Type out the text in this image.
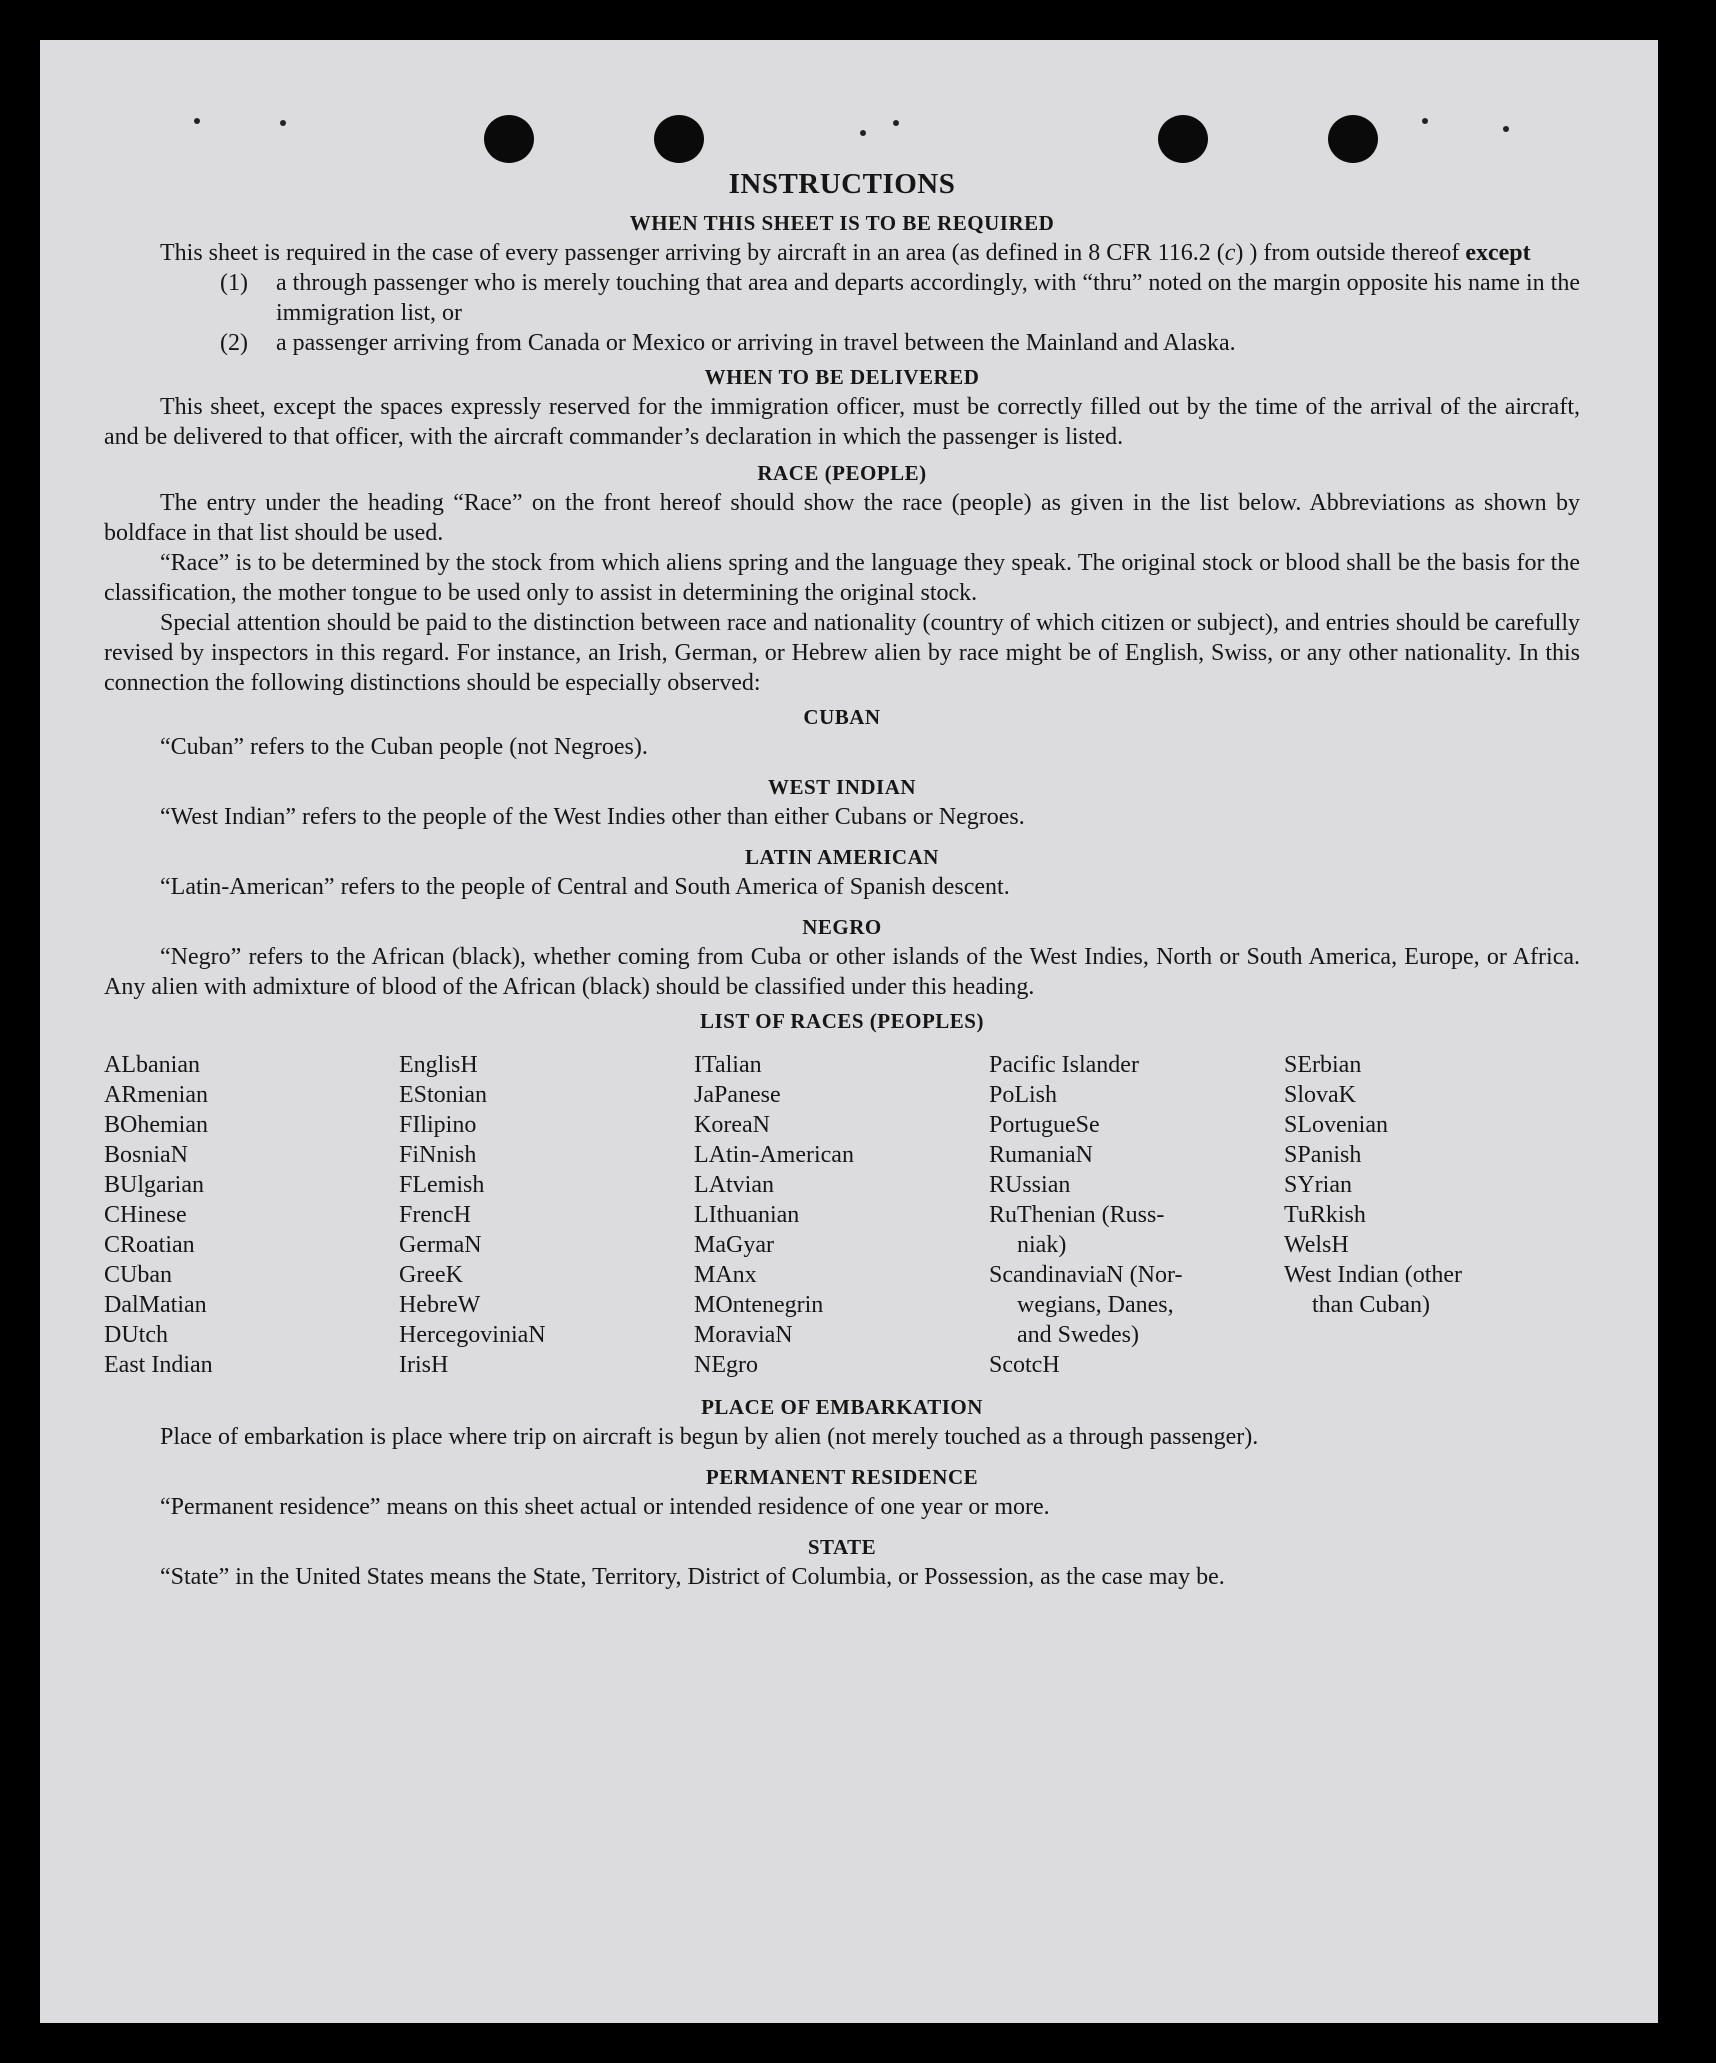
INSTRUCTIONS
WHEN THIS SHEET IS TO BE REQUIRED

This sheet is required in the case of every passenger arriving by aircraft in an area (as defined in 8 CFR 116.2 (c) ) from outside thereof except

(1)	a through passenger who is merely touching that area and departs accordingly, with “thru” noted on the margin opposite his name in the immigration list, or
(2)	a passenger arriving from Canada or Mexico or arriving in travel between the Mainland and Alaska.
WHEN TO BE DELIVERED

This sheet, except the spaces expressly reserved for the immigration officer, must be correctly filled out by the time of the arrival of the aircraft, and be delivered to that officer, with the aircraft commander’s declaration in which the passenger is listed.

RACE (PEOPLE)

The entry under the heading “Race” on the front hereof should show the race (people) as given in the list below. Abbreviations as shown by boldface in that list should be used.

“Race” is to be determined by the stock from which aliens spring and the language they speak. The original stock or blood shall be the basis for the classification, the mother tongue to be used only to assist in determining the original stock.

Special attention should be paid to the distinction between race and nationality (country of which citizen or subject), and entries should be carefully revised by inspectors in this regard. For instance, an Irish, German, or Hebrew alien by race might be of English, Swiss, or any other nationality. In this connection the following distinctions should be especially observed:

CUBAN

“Cuban” refers to the Cuban people (not Negroes).

WEST INDIAN

“West Indian” refers to the people of the West Indies other than either Cubans or Negroes.

LATIN AMERICAN

“Latin-American” refers to the people of Central and South America of Spanish descent.

NEGRO

“Negro” refers to the African (black), whether coming from Cuba or other islands of the West Indies, North or South America, Europe, or Africa. Any alien with admixture of blood of the African (black) should be classified under this heading.

LIST OF RACES (PEOPLES)
ALbanian
ARmenian
BOhemian
BosniaN
BUlgarian
CHinese
CRoatian
CUban
DalMatian
DUtch
East Indian
EnglisH
EStonian
FIlipino
FiNnish
FLemish
FrencH
GermaN
GreeK
HebreW
HercegoviniaN
IrisH
ITalian
JaPanese
KoreaN
LAtin-American
LAtvian
LIthuanian
MaGyar
MAnx
MOntenegrin
MoraviaN
NEgro
Pacific Islander
PoLish
PortugueSe
RumaniaN
RUssian
RuThenian (Russ-
niak)
ScandinaviaN (Nor-
wegians, Danes,
and Swedes)
ScotcH
SErbian
SlovaK
SLovenian
SPanish
SYrian
TuRkish
WelsH
West Indian (other
than Cuban)
PLACE OF EMBARKATION

Place of embarkation is place where trip on aircraft is begun by alien (not merely touched as a through passenger).

PERMANENT RESIDENCE

“Permanent residence” means on this sheet actual or intended residence of one year or more.

STATE

“State” in the United States means the State, Territory, District of Columbia, or Possession, as the case may be.
